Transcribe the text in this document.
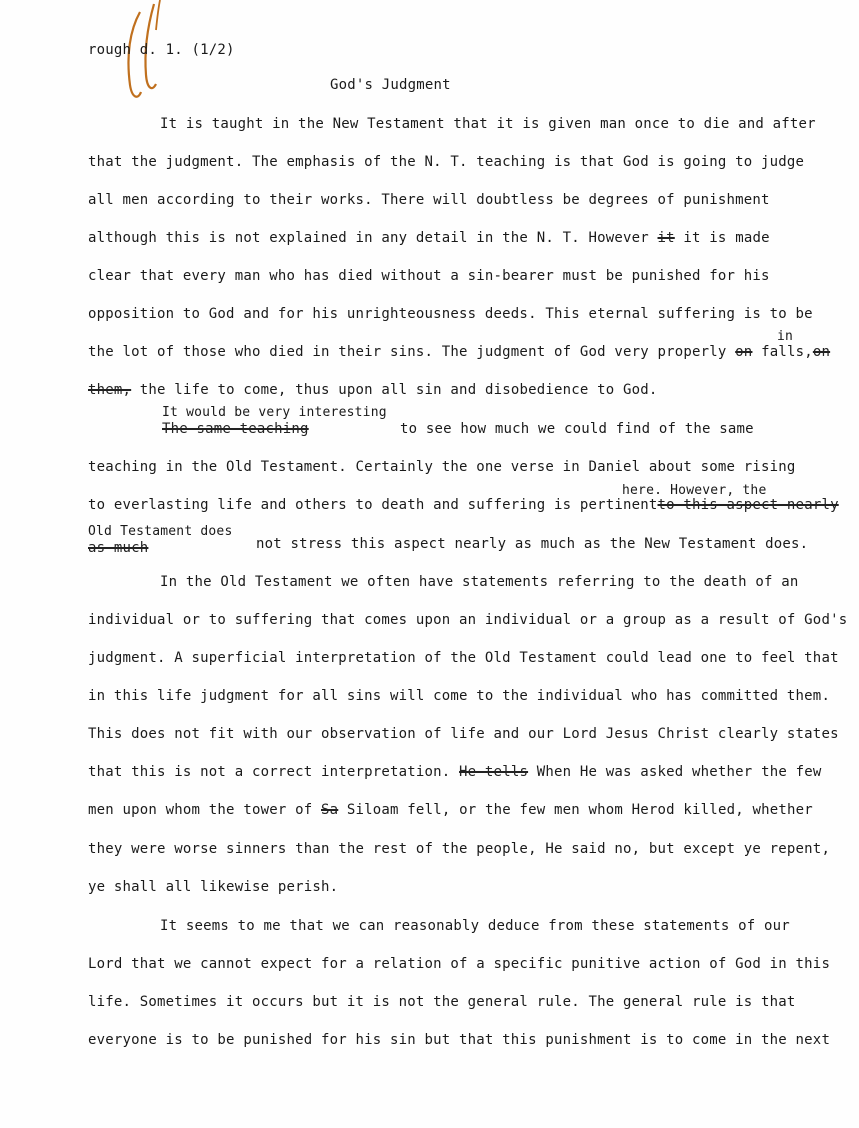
rough d. 1. (1/2)
God's Judgment
It is taught in the New Testament that it is given man once to die and after
that the judgment. The emphasis of the N. T. teaching is that God is going to judge
all men according to their works. There will doubtless be degrees of punishment
although this is not explained in any detail in the N. T. However it it is made
clear that every man who has died without a sin-bearer must be punished for his
opposition to God and for his unrighteousness deeds. This eternal suffering is to be
in
the lot of those who died in their sins. The judgment of God very properly on falls,on
them, the life to come, thus upon all sin and disobedience to God.
It would be very interesting
The same teaching	to see how much we could find of the same
teaching in the Old Testament. Certainly the one verse in Daniel about some rising
here. However, the
to everlasting life and others to death and suffering is pertinentto this aspect nearly
Old Testament does
as much	not stress this aspect nearly as much as the New Testament does.
In the Old Testament we often have statements referring to the death of an
individual or to suffering that comes upon an individual or a group as a result of God's
judgment. A superficial interpretation of the Old Testament could lead one to feel that
in this life judgment for all sins will come to the individual who has committed them.
This does not fit with our observation of life and our Lord Jesus Christ clearly states
that this is not a correct interpretation. He tells When He was asked whether the few
men upon whom the tower of Sa Siloam fell, or the few men whom Herod killed, whether
they were worse sinners than the rest of the people, He said no, but except ye repent,
ye shall all likewise perish.
It seems to me that we can reasonably deduce from these statements of our
Lord that we cannot expect for a relation of a specific punitive action of God in this
life. Sometimes it occurs but it is not the general rule. The general rule is that
everyone is to be punished for his sin but that this punishment is to come in the next
